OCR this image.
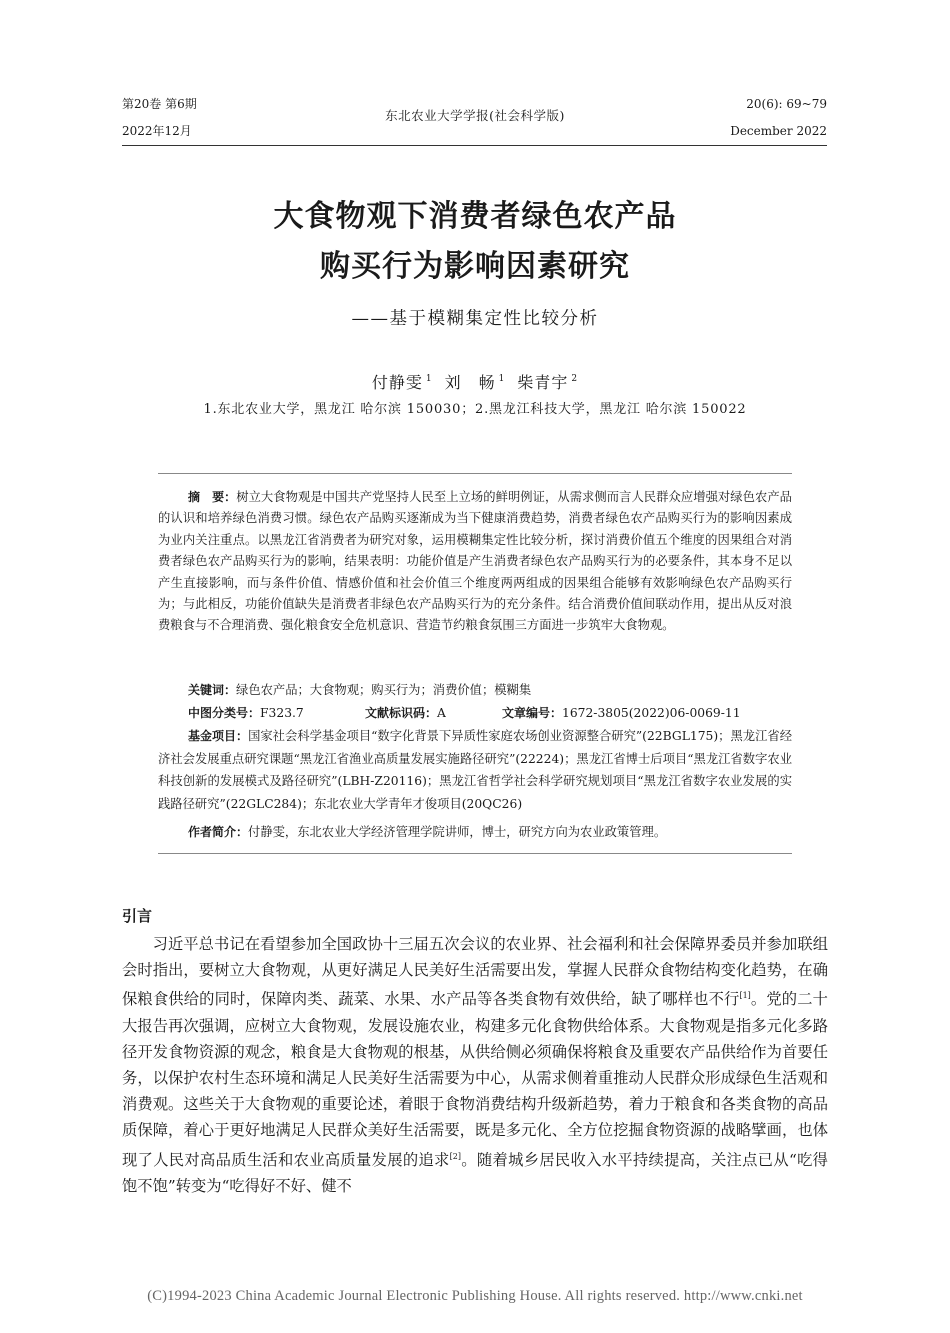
第20卷 第6期
2022年12月
东北农业大学学报(社会科学版)
20(6): 69~79
December 2022
大食物观下消费者绿色农产品
购买行为影响因素研究
——基于模糊集定性比较分析
付静雯 $^1$ 刘　畅 $^1$ 柴青宇 $^2$
1.东北农业大学，黑龙江 哈尔滨 150030；2.黑龙江科技大学，黑龙江 哈尔滨 150022
摘　要：树立大食物观是中国共产党坚持人民至上立场的鲜明例证，从需求侧而言人民群众应增强对绿色农产品的认识和培养绿色消费习惯。绿色农产品购买逐渐成为当下健康消费趋势，消费者绿色农产品购买行为的影响因素成为业内关注重点。以黑龙江省消费者为研究对象，运用模糊集定性比较分析，探讨消费价值五个维度的因果组合对消费者绿色农产品购买行为的影响，结果表明：功能价值是产生消费者绿色农产品购买行为的必要条件，其本身不足以产生直接影响，而与条件价值、情感价值和社会价值三个维度两两组成的因果组合能够有效影响绿色农产品购买行为；与此相反，功能价值缺失是消费者非绿色农产品购买行为的充分条件。结合消费价值间联动作用，提出从反对浪费粮食与不合理消费、强化粮食安全危机意识、营造节约粮食氛围三方面进一步筑牢大食物观。
关键词：绿色农产品；大食物观；购买行为；消费价值；模糊集
中图分类号：F323.7	文献标识码：A	文章编号：1672-3805(2022)06-0069-11
基金项目：国家社会科学基金项目“数字化背景下异质性家庭农场创业资源整合研究”(22BGL175)；黑龙江省经济社会发展重点研究课题“黑龙江省渔业高质量发展实施路径研究”(22224)；黑龙江省博士后项目“黑龙江省数字农业科技创新的发展模式及路径研究”(LBH-Z20116)；黑龙江省哲学社会科学研究规划项目“黑龙江省数字农业发展的实践路径研究”(22GLC284)；东北农业大学青年才俊项目(20QC26)
作者简介：付静雯，东北农业大学经济管理学院讲师，博士，研究方向为农业政策管理。
引言

习近平总书记在看望参加全国政协十三届五次会议的农业界、社会福利和社会保障界委员并参加联组会时指出，要树立大食物观，从更好满足人民美好生活需要出发，掌握人民群众食物结构变化趋势，在确保粮食供给的同时，保障肉类、蔬菜、水果、水产品等各类食物有效供给，缺了哪样也不行[1]。党的二十大报告再次强调，应树立大食物观，发展设施农业，构建多元化食物供给体系。大食物观是指多元化多路径开发食物资源的观念，粮食是大食物观的根基，从供给侧必须确保将粮食及重要农产品供给作为首要任务，以保护农村生态环境和满足人民美好生活需要为中心，从需求侧着重推动人民群众形成绿色生活观和消费观。这些关于大食物观的重要论述，着眼于食物消费结构升级新趋势，着力于粮食和各类食物的高品质保障，着心于更好地满足人民群众美好生活需要，既是多元化、全方位挖掘食物资源的战略擘画，也体现了人民对高品质生活和农业高质量发展的追求[2]。随着城乡居民收入水平持续提高，关注点已从“吃得饱不饱”转变为“吃得好不好、健不

(C)1994-2023 China Academic Journal Electronic Publishing House. All rights reserved. http://www.cnki.net
